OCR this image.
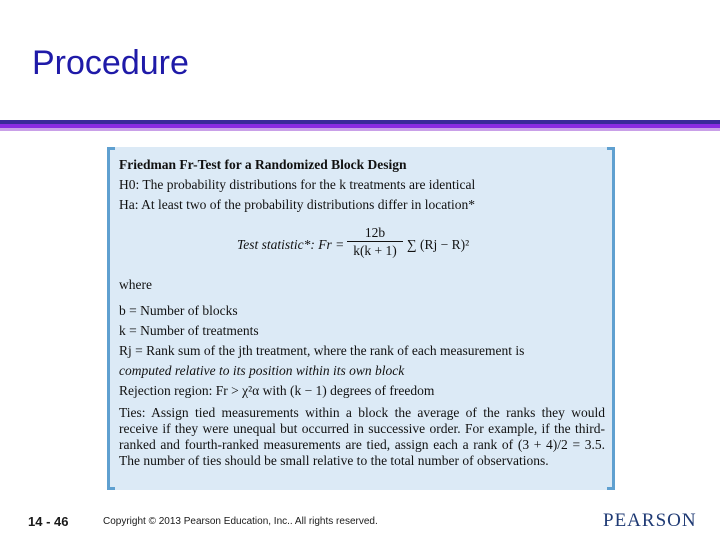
Procedure
Friedman Fr-Test for a Randomized Block Design
H0: The probability distributions for the k treatments are identical
Ha: At least two of the probability distributions differ in location*
Test statistic*: $Fr = \frac{12b}{k(k + 1)}$ ∑ (Rj − R)²
where
b = Number of blocks
k = Number of treatments
Rj = Rank sum of the jth treatment, where the rank of each measurement is
computed relative to its position within its own block
Rejection region: Fr > χ²α with (k − 1) degrees of freedom
Ties: Assign tied measurements within a block the average of the ranks they would receive if they were unequal but occurred in successive order. For example, if the third-ranked and fourth-ranked measurements are tied, assign each a rank of (3 + 4)/2 = 3.5. The number of ties should be small relative to the total number of observations.
14 - 46	Copyright © 2013 Pearson Education, Inc.. All rights reserved.	PEARSON
